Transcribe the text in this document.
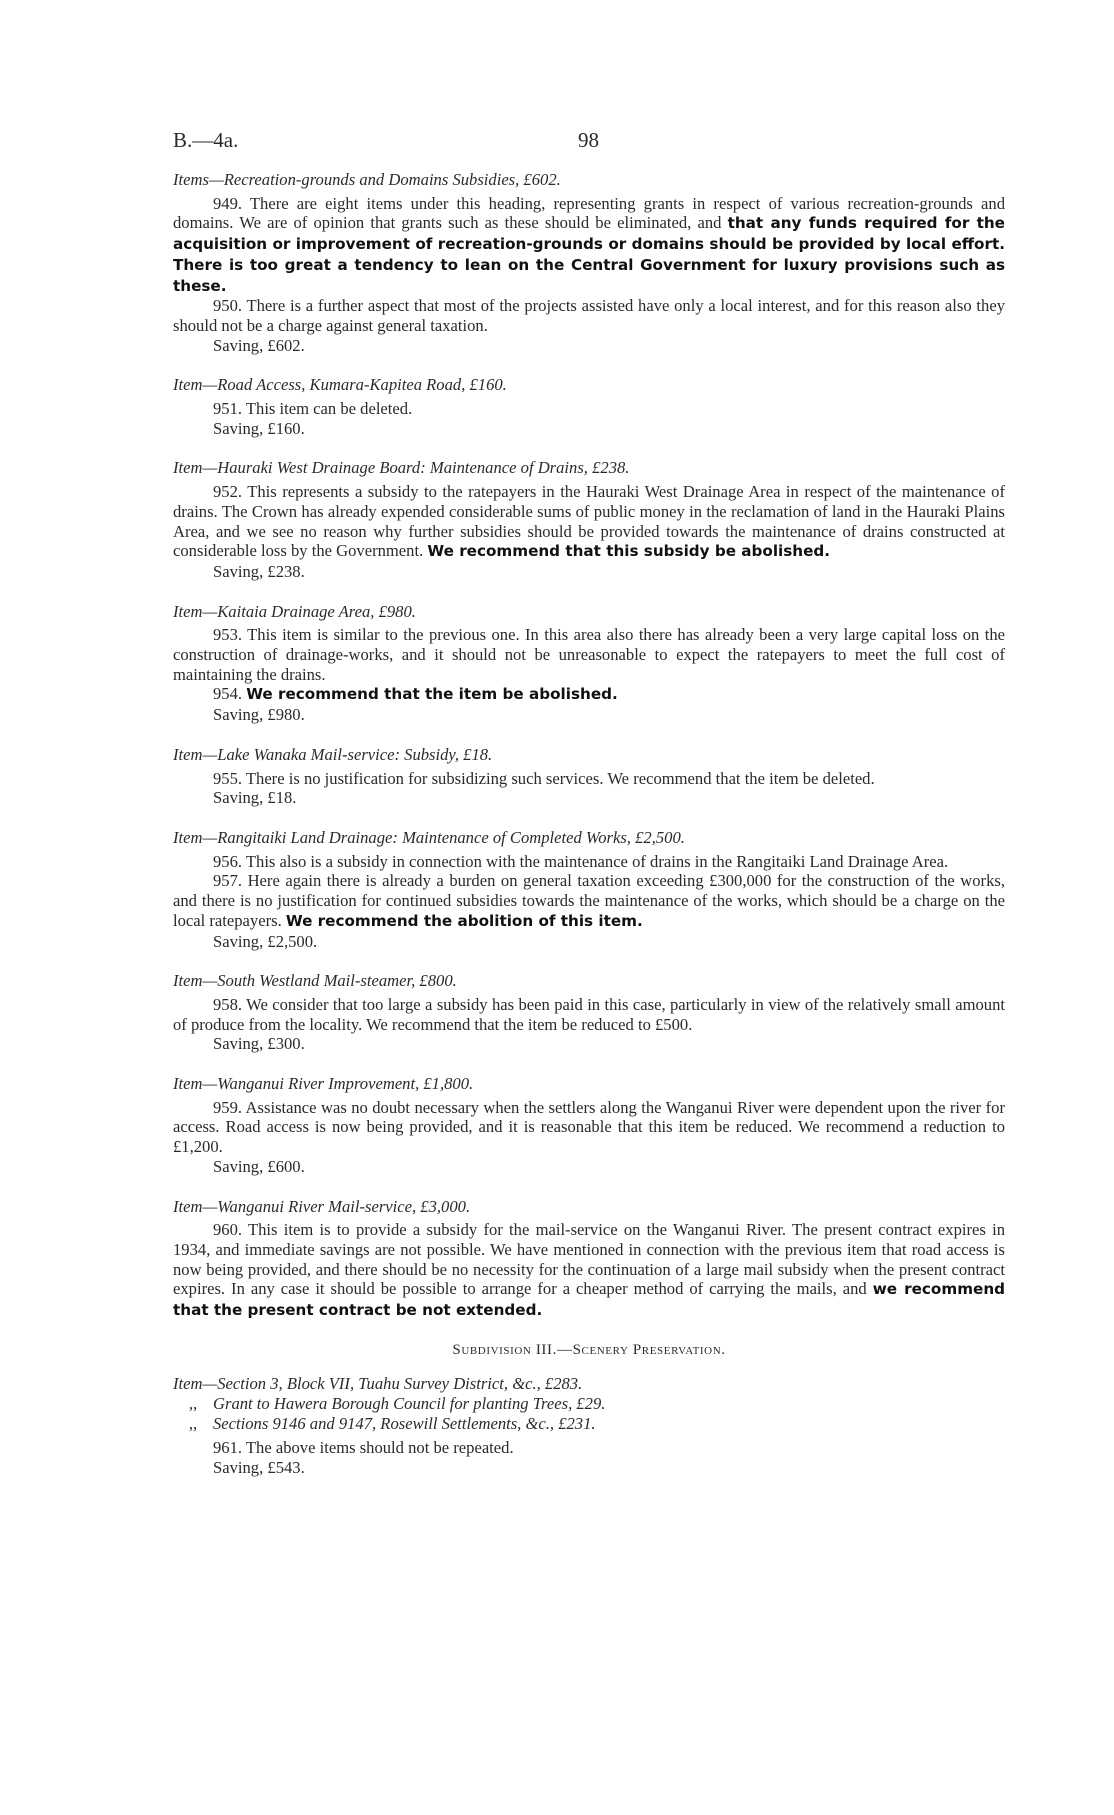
B.—4a.	98
Items—Recreation-grounds and Domains Subsidies, £602.

949. There are eight items under this heading, representing grants in respect of various recreation-grounds and domains. We are of opinion that grants such as these should be eliminated, and that any funds required for the acquisition or improvement of recreation-grounds or domains should be provided by local effort. There is too great a tendency to lean on the Central Government for luxury provisions such as these.

950. There is a further aspect that most of the projects assisted have only a local interest, and for this reason also they should not be a charge against general taxation.

Saving, £602.
Item—Road Access, Kumara-Kapitea Road, £160.

951. This item can be deleted.

Saving, £160.
Item—Hauraki West Drainage Board: Maintenance of Drains, £238.

952. This represents a subsidy to the ratepayers in the Hauraki West Drainage Area in respect of the maintenance of drains. The Crown has already expended considerable sums of public money in the reclamation of land in the Hauraki Plains Area, and we see no reason why further subsidies should be provided towards the maintenance of drains constructed at considerable loss by the Government. We recommend that this subsidy be abolished.

Saving, £238.
Item—Kaitaia Drainage Area, £980.

953. This item is similar to the previous one. In this area also there has already been a very large capital loss on the construction of drainage-works, and it should not be unreasonable to expect the ratepayers to meet the full cost of maintaining the drains.

954. We recommend that the item be abolished.

Saving, £980.
Item—Lake Wanaka Mail-service: Subsidy, £18.

955. There is no justification for subsidizing such services. We recommend that the item be deleted.

Saving, £18.
Item—Rangitaiki Land Drainage: Maintenance of Completed Works, £2,500.

956. This also is a subsidy in connection with the maintenance of drains in the Rangitaiki Land Drainage Area.

957. Here again there is already a burden on general taxation exceeding £300,000 for the construction of the works, and there is no justification for continued subsidies towards the maintenance of the works, which should be a charge on the local ratepayers. We recommend the abolition of this item.

Saving, £2,500.
Item—South Westland Mail-steamer, £800.

958. We consider that too large a subsidy has been paid in this case, particularly in view of the relatively small amount of produce from the locality. We recommend that the item be reduced to £500.

Saving, £300.
Item—Wanganui River Improvement, £1,800.

959. Assistance was no doubt necessary when the settlers along the Wanganui River were dependent upon the river for access. Road access is now being provided, and it is reasonable that this item be reduced. We recommend a reduction to £1,200.

Saving, £600.
Item—Wanganui River Mail-service, £3,000.

960. This item is to provide a subsidy for the mail-service on the Wanganui River. The present contract expires in 1934, and immediate savings are not possible. We have mentioned in connection with the previous item that road access is now being provided, and there should be no necessity for the continuation of a large mail subsidy when the present contract expires. In any case it should be possible to arrange for a cheaper method of carrying the mails, and we recommend that the present contract be not extended.

Subdivision III.—Scenery Preservation.
Item—Section 3, Block VII, Tuahu Survey District, &c., £283.
,, Grant to Hawera Borough Council for planting Trees, £29.
,, Sections 9146 and 9147, Rosewill Settlements, &c., £231.

961. The above items should not be repeated.

Saving, £543.
